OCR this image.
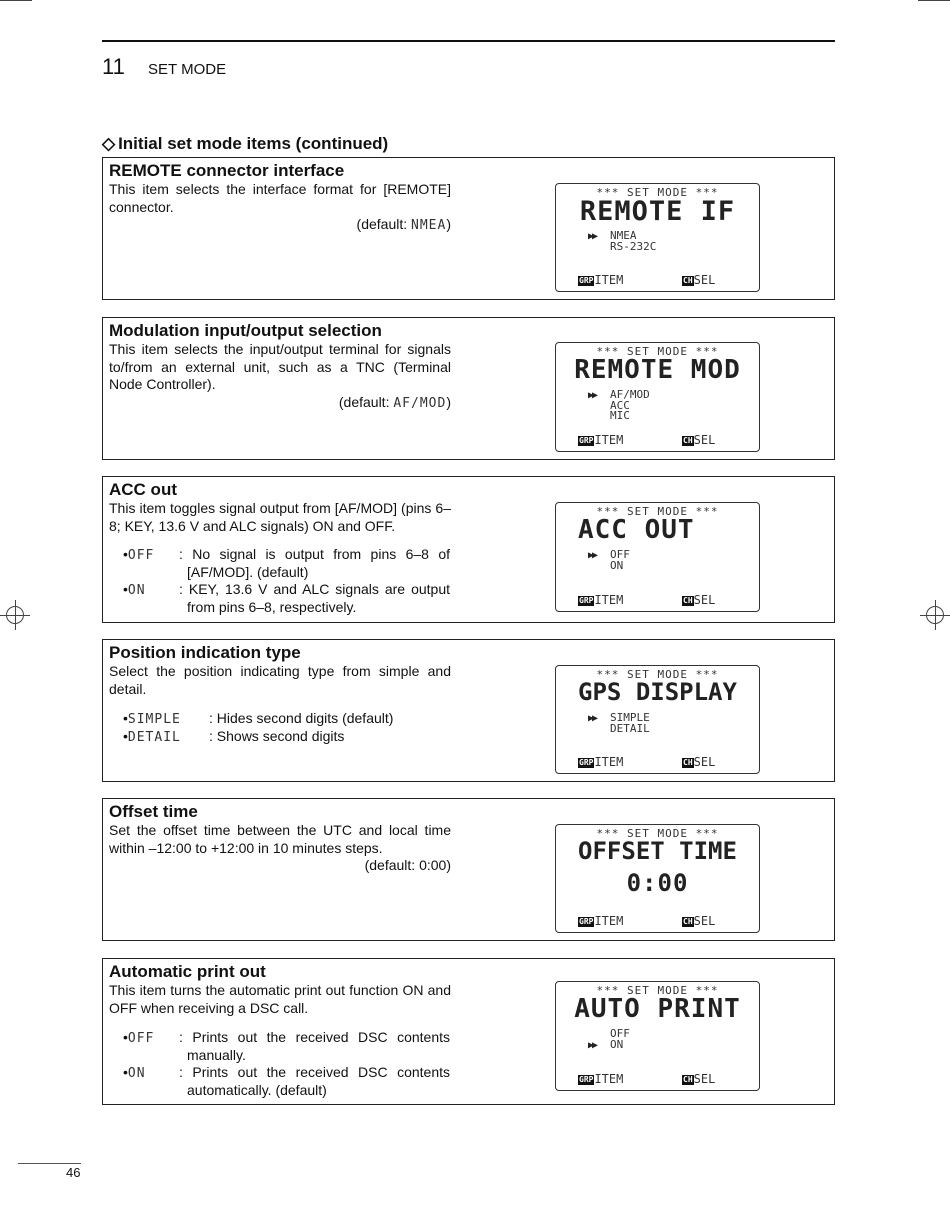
11 SET MODE
◇ Initial set mode items (continued)
REMOTE connector interface
This item selects the interface format for [REMOTE] connector.
(default: NMEA)
*** SET MODE ***
REMOTE IF
▶▶ NMEA
RS-232C
GRPITEM	CHSEL
Modulation input/output selection
This item selects the input/output terminal for signals to/from an external unit, such as a TNC (Terminal Node Controller).
(default: AF/MOD)
*** SET MODE ***
REMOTE MOD
▶▶ AF/MOD
ACC
MIC
GRPITEM	CHSEL
ACC out
This item toggles signal output from [AF/MOD] (pins 6–8; KEY, 13.6 V and ALC signals) ON and OFF.
•OFF	: No signal is output from pins 6–8 of [AF/MOD]. (default)
•ON	: KEY, 13.6 V and ALC signals are output from pins 6–8, respectively.
*** SET MODE ***
ACC OUT
▶▶ OFF
ON
GRPITEM	CHSEL
Position indication type
Select the position indicating type from simple and detail.
•SIMPLE	: Hides second digits (default)
•DETAIL	: Shows second digits
*** SET MODE ***
GPS DISPLAY
▶▶ SIMPLE
DETAIL
GRPITEM	CHSEL
Offset time
Set the offset time between the UTC and local time within –12:00 to +12:00 in 10 minutes steps.
(default: 0:00)
*** SET MODE ***
OFFSET TIME
0:00
GRPITEM	CHSEL
Automatic print out
This item turns the automatic print out function ON and OFF when receiving a DSC call.
•OFF	: Prints out the received DSC contents manually.
•ON	: Prints out the received DSC contents automatically. (default)
*** SET MODE ***
AUTO PRINT
▶▶
OFF
ON
GRPITEM	CHSEL
46
